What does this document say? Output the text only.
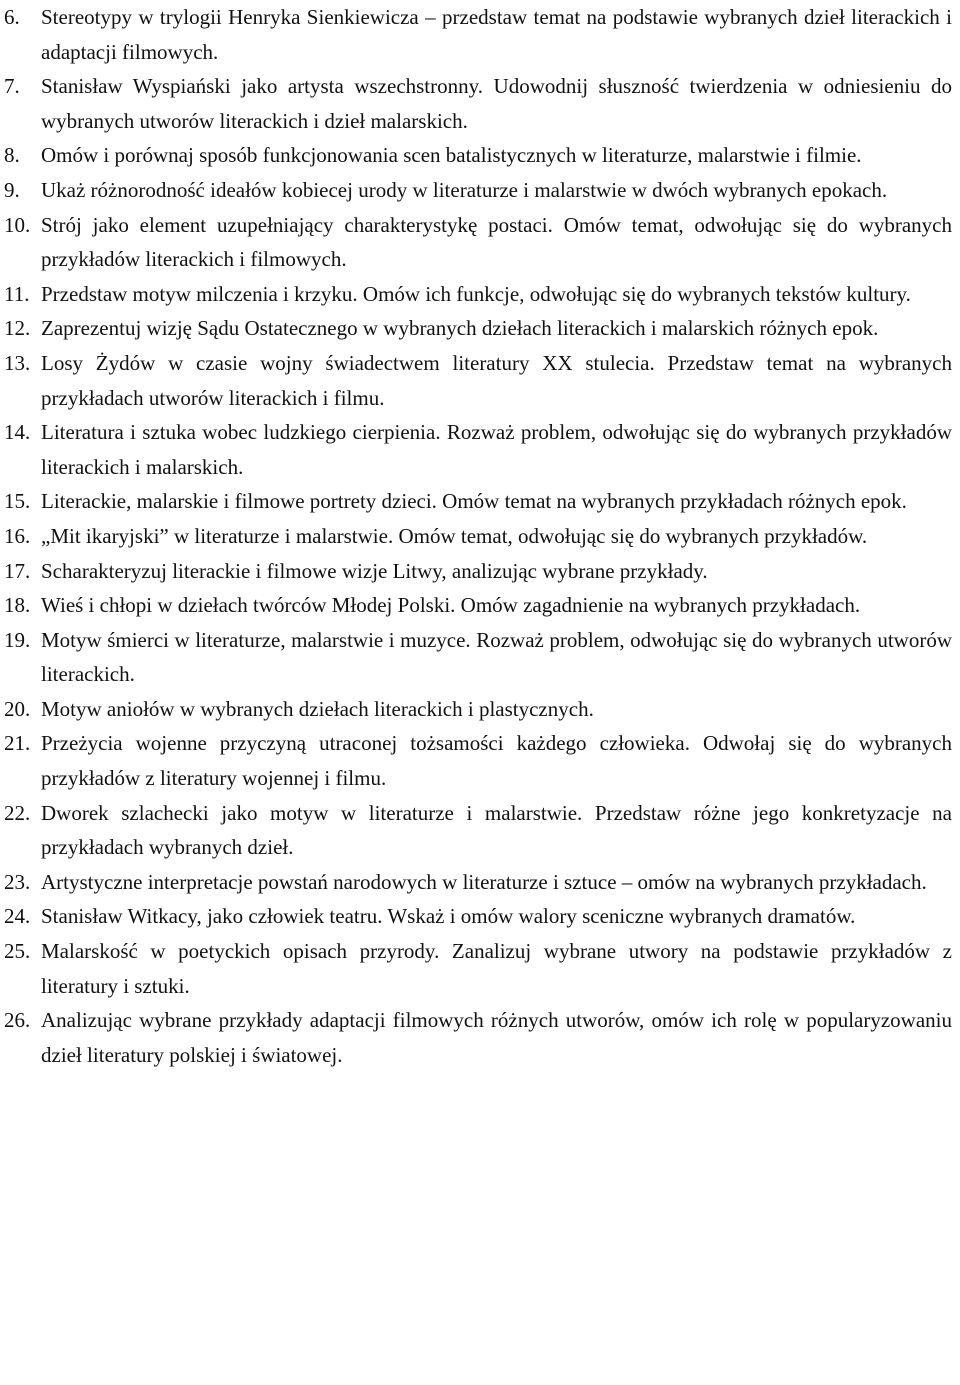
6.	Stereotypy w trylogii Henryka Sienkiewicza – przedstaw temat na podstawie wybranych dzieł literackich i adaptacji filmowych.
7.	Stanisław Wyspiański jako artysta wszechstronny. Udowodnij słuszność twierdzenia w odniesieniu do wybranych utworów literackich i dzieł malarskich.
8.	Omów i porównaj sposób funkcjonowania scen batalistycznych w literaturze, malarstwie i filmie.
9.	Ukaż różnorodność ideałów kobiecej urody w literaturze i malarstwie w dwóch wybranych epokach.
10. Strój jako element uzupełniający charakterystykę postaci. Omów temat, odwołując się do wybranych przykładów literackich i filmowych.
11. Przedstaw motyw milczenia i krzyku. Omów ich funkcje, odwołując się do wybranych tekstów kultury.
12. Zaprezentuj wizję Sądu Ostatecznego w wybranych dziełach literackich i malarskich różnych epok.
13. Losy Żydów w czasie wojny świadectwem literatury XX stulecia. Przedstaw temat na wybranych przykładach utworów literackich i filmu.
14. Literatura i sztuka wobec ludzkiego cierpienia. Rozważ problem, odwołując się do wybranych przykładów literackich i malarskich.
15. Literackie, malarskie i filmowe portrety dzieci. Omów temat na wybranych przykładach różnych epok.
16. „Mit ikaryjski” w literaturze i malarstwie. Omów temat, odwołując się do wybranych przykładów.
17. Scharakteryzuj literackie i filmowe wizje Litwy, analizując wybrane przykłady.
18. Wieś i chłopi w dziełach twórców Młodej Polski. Omów zagadnienie na wybranych przykładach.
19. Motyw śmierci w literaturze, malarstwie i muzyce. Rozważ problem, odwołując się do wybranych utworów literackich.
20. Motyw aniołów w wybranych dziełach literackich i plastycznych.
21. Przeżycia wojenne przyczyną utraconej tożsamości każdego człowieka. Odwołaj się do wybranych przykładów z literatury wojennej i filmu.
22. Dworek szlachecki jako motyw w literaturze i malarstwie. Przedstaw różne jego konkretyzacje na przykładach wybranych dzieł.
23. Artystyczne interpretacje powstań narodowych w literaturze i sztuce – omów na wybranych przykładach.
24. Stanisław Witkacy, jako człowiek teatru. Wskaż i omów walory sceniczne wybranych dramatów.
25. Malarskość w poetyckich opisach przyrody. Zanalizuj wybrane utwory na podstawie przykładów z literatury i sztuki.
26. Analizując wybrane przykłady adaptacji filmowych różnych utworów, omów ich rolę w popularyzowaniu dzieł literatury polskiej i światowej.
